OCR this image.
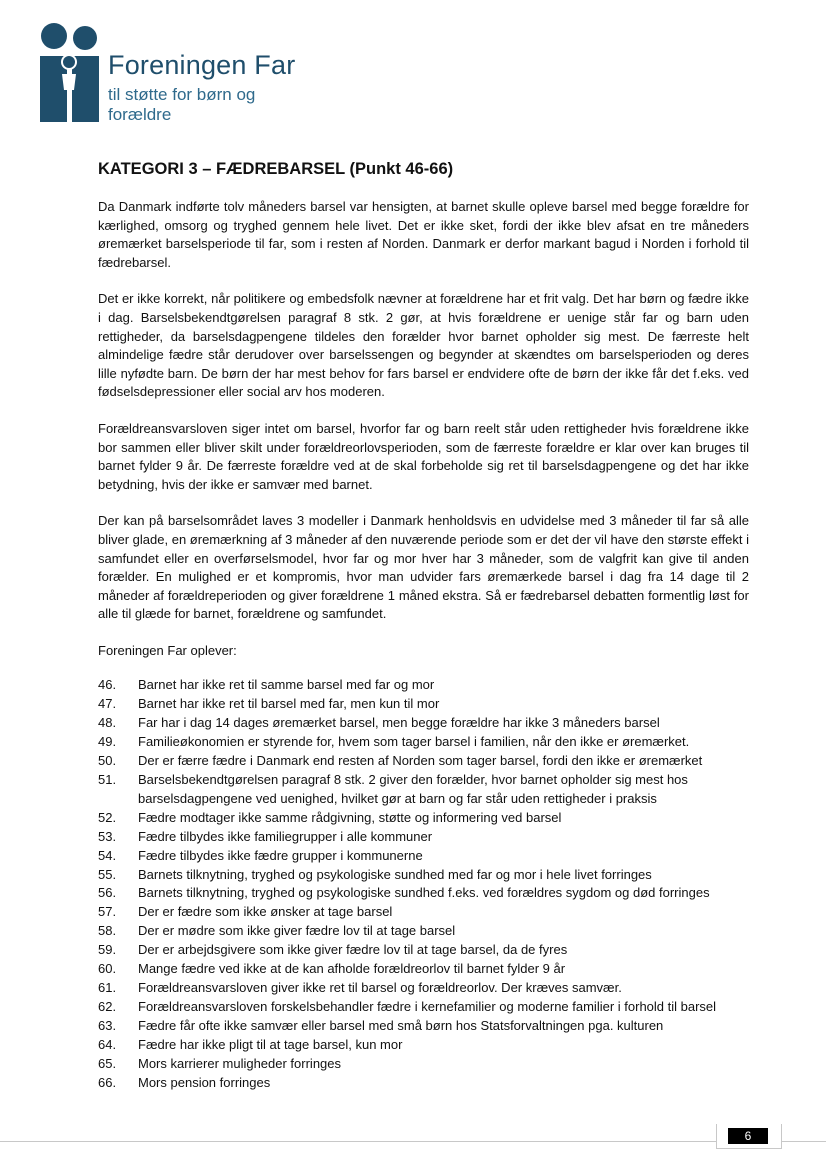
Foreningen Far
til støtte for børn og forældre
KATEGORI 3 – FÆDREBARSEL (Punkt 46-66)

Da Danmark indførte tolv måneders barsel var hensigten, at barnet skulle opleve barsel med begge forældre for kærlighed, omsorg og tryghed gennem hele livet. Det er ikke sket, fordi der ikke blev afsat en tre måneders øremærket barselsperiode til far, som i resten af Norden. Danmark er derfor markant bagud i Norden i forhold til fædrebarsel.

Det er ikke korrekt, når politikere og embedsfolk nævner at forældrene har et frit valg. Det har børn og fædre ikke i dag. Barselsbekendtgørelsen paragraf 8 stk. 2 gør, at hvis forældrene er uenige står far og barn uden rettigheder, da barselsdagpengene tildeles den forælder hvor barnet opholder sig mest. De færreste helt almindelige fædre står derudover over barselssengen og begynder at skændtes om barselsperioden og deres lille nyfødte barn. De børn der har mest behov for fars barsel er endvidere ofte de børn der ikke får det f.eks. ved fødselsdepressioner eller social arv hos moderen.

Forældreansvarsloven siger intet om barsel, hvorfor far og barn reelt står uden rettigheder hvis forældrene ikke bor sammen eller bliver skilt under forældreorlovsperioden, som de færreste forældre er klar over kan bruges til barnet fylder 9 år. De færreste forældre ved at de skal forbeholde sig ret til barselsdagpengene og det har ikke betydning, hvis der ikke er samvær med barnet.

Der kan på barselsområdet laves 3 modeller i Danmark henholdsvis en udvidelse med 3 måneder til far så alle bliver glade, en øremærkning af 3 måneder af den nuværende periode som er det der vil have den største effekt i samfundet eller en overførselsmodel, hvor far og mor hver har 3 måneder, som de valgfrit kan give til anden forælder. En mulighed er et kompromis, hvor man udvider fars øremærkede barsel i dag fra 14 dage til 2 måneder af forældreperioden og giver forældrene 1 måned ekstra. Så er fædrebarsel debatten formentlig løst for alle til glæde for barnet, forældrene og samfundet.

Foreningen Far oplever:

46. Barnet har ikke ret til samme barsel med far og mor
47. Barnet har ikke ret til barsel med far, men kun til mor
48. Far har i dag 14 dages øremærket barsel, men begge forældre har ikke 3 måneders barsel
49. Familieøkonomien er styrende for, hvem som tager barsel i familien, når den ikke er øremærket.
50. Der er færre fædre i Danmark end resten af Norden som tager barsel, fordi den ikke er øremærket
51. Barselsbekendtgørelsen paragraf 8 stk. 2 giver den forælder, hvor barnet opholder sig mest hos barselsdagpengene ved uenighed, hvilket gør at barn og far står uden rettigheder i praksis
52. Fædre modtager ikke samme rådgivning, støtte og informering ved barsel
53. Fædre tilbydes ikke familiegrupper i alle kommuner
54. Fædre tilbydes ikke fædre grupper i kommunerne
55. Barnets tilknytning, tryghed og psykologiske sundhed med far og mor i hele livet forringes
56. Barnets tilknytning, tryghed og psykologiske sundhed f.eks. ved forældres sygdom og død forringes
57. Der er fædre som ikke ønsker at tage barsel
58. Der er mødre som ikke giver fædre lov til at tage barsel
59. Der er arbejdsgivere som ikke giver fædre lov til at tage barsel, da de fyres
60. Mange fædre ved ikke at de kan afholde forældreorlov til barnet fylder 9 år
61. Forældreansvarsloven giver ikke ret til barsel og forældreorlov. Der kræves samvær.
62. Forældreansvarsloven forskelsbehandler fædre i kernefamilier og moderne familier i forhold til barsel
63. Fædre får ofte ikke samvær eller barsel med små børn hos Statsforvaltningen pga. kulturen
64. Fædre har ikke pligt til at tage barsel, kun mor
65. Mors karrierer muligheder forringes
66. Mors pension forringes
6
